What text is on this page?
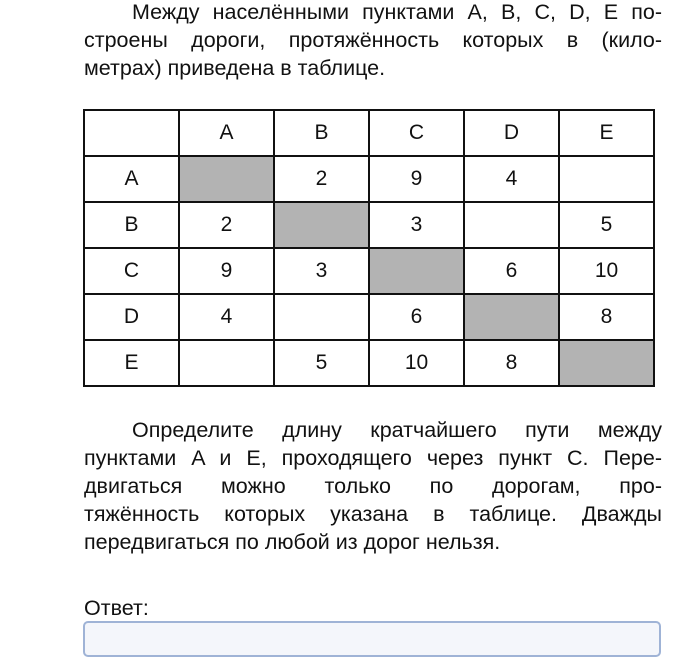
Между населёнными пунктами A, B, C, D, E по-
строены дороги, протяжённость которых в (кило-
метрах) приведена в таблице.

	A	B	C	D	E
A		2	9	4	
B	2		3		5
C	9	3		6	10
D	4		6		8
E		5	10	8	

Определите длину кратчайшего пути между
пунктами A и E, проходящего через пункт C. Пере-
двигаться можно только по дорогам, про-
тяжённость которых указана в таблице. Дважды
передвигаться по любой из дорог нельзя.

Ответ:
